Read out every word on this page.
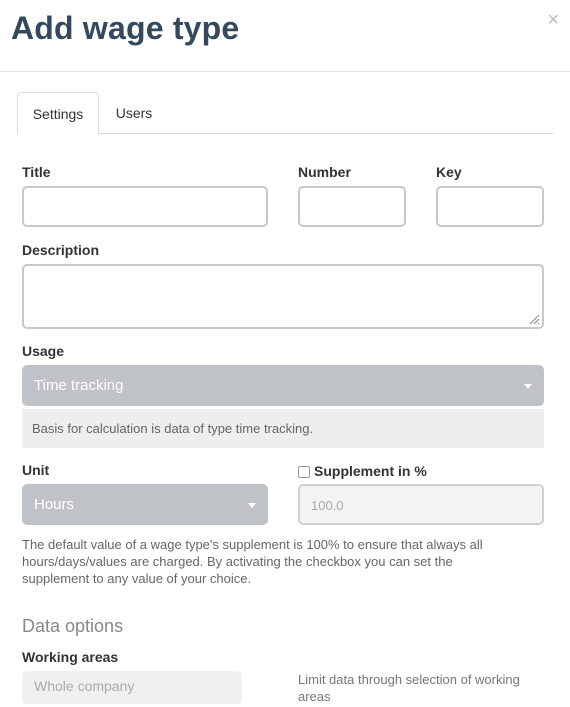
Add wage type	×
Settings	Users
Title	Number	Key
Description
Usage
Time tracking
Basis for calculation is data of type time tracking.
Unit
Hours
Supplement in %
100.0
The default value of a wage type's supplement is 100% to ensure that always all hours/days/values are charged. By activating the checkbox you can set the supplement to any value of your choice.
Data options
Working areas
Whole company	Limit data through selection of working areas
